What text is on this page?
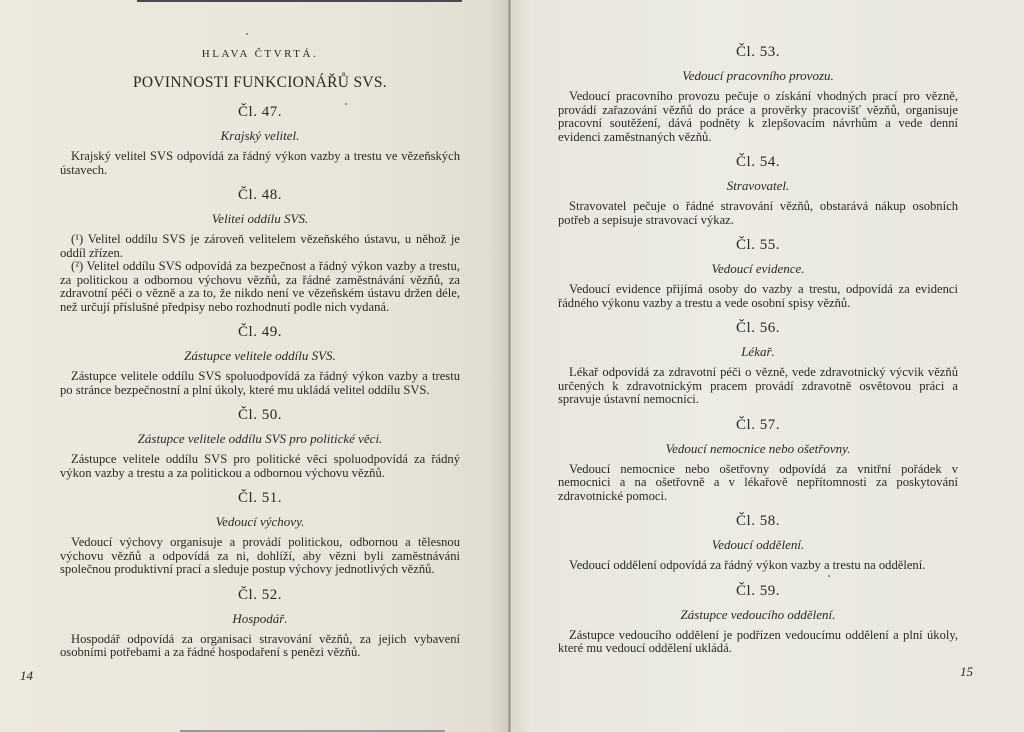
HLAVA ČTVRTÁ.
POVINNOSTI FUNKCIONÁŘŮ SVS.
Čl. 47.
Krajský velitel.

Krajský velitel SVS odpovídá za řádný výkon vazby a trestu ve vězeňských ústavech.

Čl. 48.
Velitei oddílu SVS.

(¹) Velitel oddílu SVS je zároveň velitelem vězeňského ústavu, u něhož je oddíl zřízen.

(²) Velitel oddílu SVS odpovídá za bezpečnost a řádný výkon vazby a trestu, za politickou a odbornou výchovu vězňů, za řádné zaměstnávání vězňů, za zdravotní péči o vězně a za to, že nikdo není ve vězeňském ústavu držen déle, než určují příslušné předpisy nebo rozhodnutí podle nich vydaná.

Čl. 49.
Zástupce velitele oddílu SVS.

Zástupce velitele oddílu SVS spoluodpovídá za řádný výkon vazby a trestu po stránce bezpečnostní a plní úkoly, které mu ukládá velitel oddílu SVS.

Čl. 50.
Zástupce velitele oddílu SVS pro politické věci.

Zástupce velitele oddílu SVS pro politické věci spoluodpovídá za řádný výkon vazby a trestu a za politickou a odbornou výchovu vězňů.

Čl. 51.
Vedoucí výchovy.

Vedoucí výchovy organisuje a provádí politickou, odbornou a tělesnou výchovu vězňů a odpovídá za ni, dohlíží, aby vězni byli zaměstnáváni společnou produktivní prací a sleduje postup výchovy jednotlivých vězňů.

Čl. 52.
Hospodář.

Hospodář odpovídá za organisaci stravování vězňů, za jejich vybavení osobními potřebami a za řádné hospodaření s penězi vězňů.

14
Čl. 53.
Vedoucí pracovního provozu.

Vedoucí pracovního provozu pečuje o získání vhodných prací pro vězně, provádí zařazování vězňů do práce a prověrky pracovišť vězňů, organisuje pracovní soutěžení, dává podněty k zlepšovacím návrhům a vede denní evidenci zaměstnaných vězňů.

Čl. 54.
Stravovatel.

Stravovatel pečuje o řádné stravování vězňů, obstarává nákup osobních potřeb a sepisuje stravovací výkaz.

Čl. 55.
Vedoucí evidence.

Vedoucí evidence přijímá osoby do vazby a trestu, odpovídá za evidenci řádného výkonu vazby a trestu a vede osobní spisy vězňů.

Čl. 56.
Lékař.

Lékař odpovídá za zdravotní péči o vězně, vede zdravotnický výcvik vězňů určených k zdravotnickým pracem provádí zdravotně osvětovou práci a spravuje ústavní nemocnici.

Čl. 57.
Vedoucí nemocnice nebo ošetřovny.

Vedoucí nemocnice nebo ošetřovny odpovídá za vnitřní pořádek v nemocnici a na ošetřovně a v lékařově nepřítomnosti za poskytování zdravotnické pomoci.

Čl. 58.
Vedoucí oddělení.

Vedoucí oddělení odpovídá za řádný výkon vazby a trestu na oddělení.

Čl. 59.
Zástupce vedoucího oddělení.

Zástupce vedoucího oddělení je podřízen vedoucímu oddělení a plní úkoly, které mu vedoucí oddělení ukládá.

15
